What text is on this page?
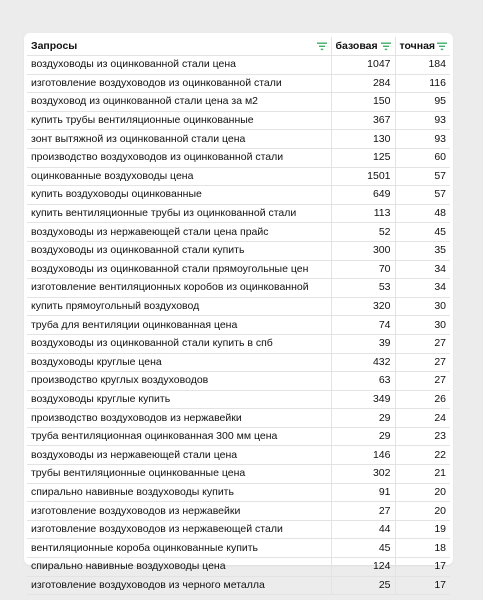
Запросы	базовая	точная

воздуховоды из оцинкованной стали цена	1047	184
изготовление воздуховодов из оцинкованной стали	284	116
воздуховод из оцинкованной стали цена за м2	150	95
купить трубы вентиляционные оцинкованные	367	93
зонт вытяжной из оцинкованной стали цена	130	93
производство воздуховодов из оцинкованной стали	125	60
оцинкованные воздуховоды цена	1501	57
купить воздуховоды оцинкованные	649	57
купить вентиляционные трубы из оцинкованной стали	113	48
воздуховоды из нержавеющей стали цена прайс	52	45
воздуховоды из оцинкованной стали купить	300	35
воздуховоды из оцинкованной стали прямоугольные цен	70	34
изготовление вентиляционных коробов из оцинкованной	53	34
купить прямоугольный воздуховод	320	30
труба для вентиляции оцинкованная цена	74	30
воздуховоды из оцинкованной стали купить в спб	39	27
воздуховоды круглые цена	432	27
производство круглых воздуховодов	63	27
воздуховоды круглые купить	349	26
производство воздуховодов из нержавейки	29	24
труба вентиляционная оцинкованная 300 мм цена	29	23
воздуховоды из нержавеющей стали цена	146	22
трубы вентиляционные оцинкованные цена	302	21
спирально навивные воздуховоды купить	91	20
изготовление воздуховодов из нержавейки	27	20
изготовление воздуховодов из нержавеющей стали	44	19
вентиляционные короба оцинкованные купить	45	18
спирально навивные воздуховоды цена	124	17
изготовление воздуховодов из черного металла	25	17
